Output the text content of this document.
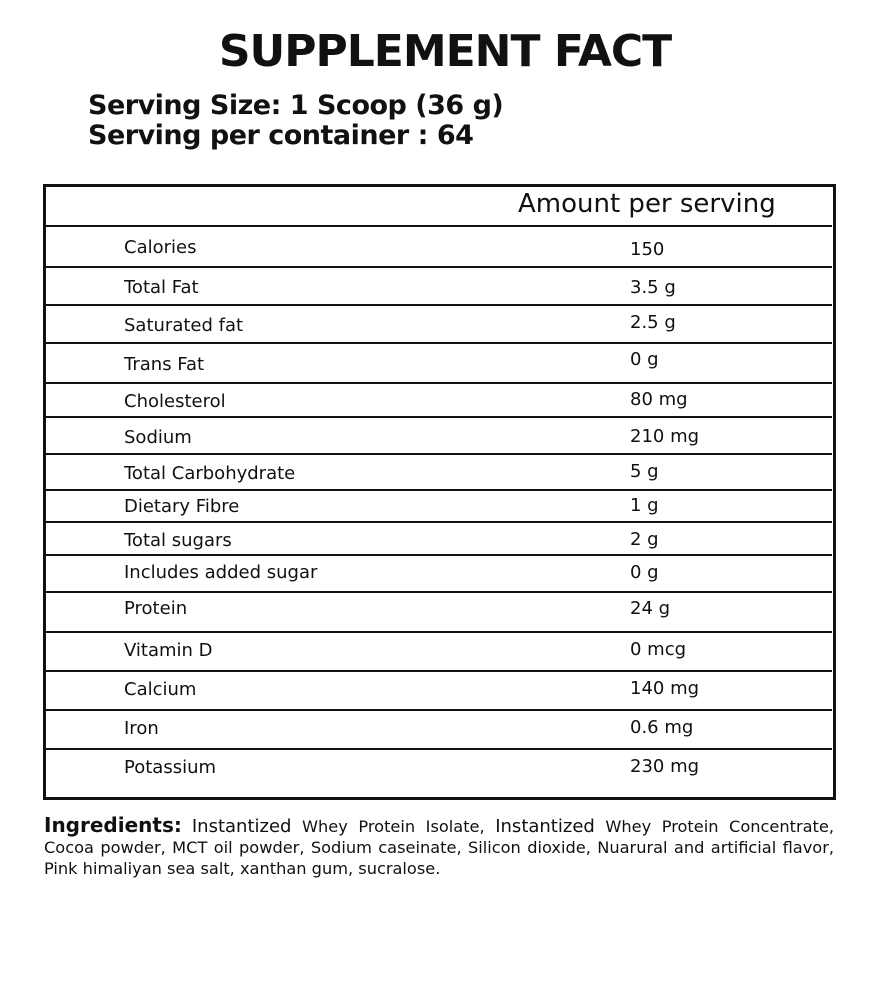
SUPPLEMENT FACT
Serving Size: 1 Scoop (36 g)
Serving per container : 64
Amount per serving
Calories	150
Total Fat	3.5 g
Saturated fat	2.5 g
Trans Fat	0 g
Cholesterol	80 mg
Sodium	210 mg
Total Carbohydrate	5 g
Dietary Fibre	1 g
Total sugars	2 g
Includes added sugar	0 g
Protein	24 g
Vitamin D	0 mcg
Calcium	140 mg
Iron	0.6 mg
Potassium	230 mg
Ingredients: Instantized Whey Protein Isolate, Instantized Whey Protein Concentrate, Cocoa powder, MCT oil powder, Sodium caseinate, Silicon dioxide, Nuarural and artificial flavor, Pink himaliyan sea salt, xanthan gum, sucralose.
